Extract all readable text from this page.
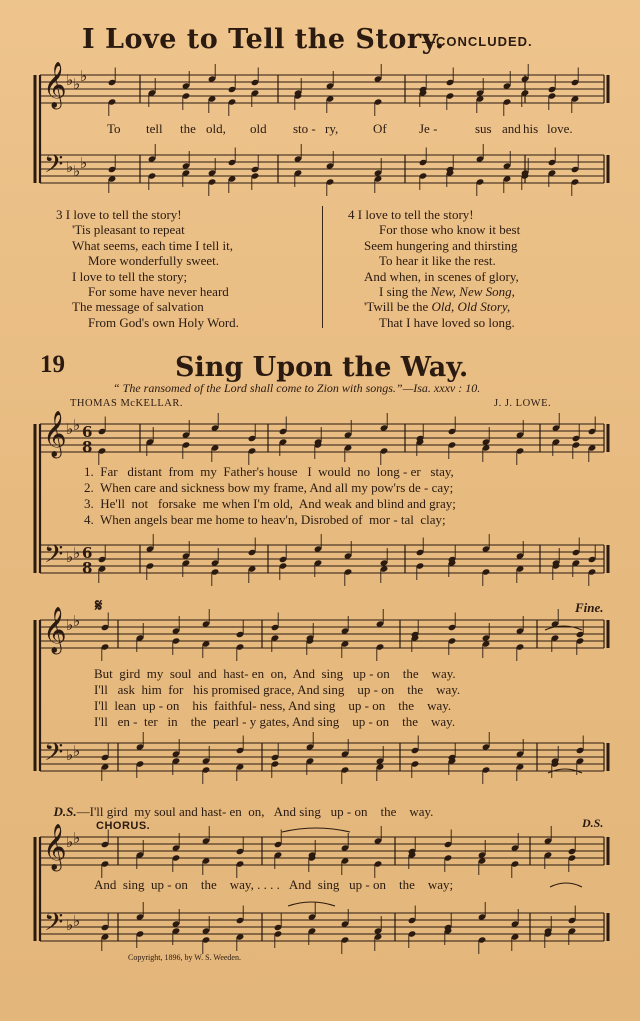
𝄞
𝄢
♭ ♭ ♭
♭ ♭ ♭
𝄞
𝄢
♭ ♭
♭ ♭
6
8
6
8
𝄞
𝄢
♭ ♭
♭ ♭
𝄞
𝄢
♭ ♭
♭ ♭
I Love to Tell the Story.
—CONCLUDED.
To tell the old, old sto - ry,	Of Je -	sus and his love.
3 I love to tell the story!
'Tis pleasant to repeat
What seems, each time I tell it,
More wonderfully sweet.
I love to tell the story;
For some have never heard
The message of salvation
From God's own Holy Word.
4 I love to tell the story!
For those who know it best
Seem hungering and thirsting
To hear it like the rest.
And when, in scenes of glory,
I sing the New, New Song,
'Twill be the Old, Old Story,
That I have loved so long.
19	Sing Upon the Way.
“ The ransomed of the Lord shall come to Zion with songs.”—Isa. xxxv : 10.
THOMAS McKELLAR.	J. J. LOWE.
1.  Far   distant  from  my  Father's house   I  would  no  long - er   stay,
2.  When care and sickness bow my frame, And all my pow'rs de - cay;
3.  He'll  not   forsake  me when I'm old,  And weak and blind and gray;
4.  When angels bear me home to heav'n, Disrobed of  mor - tal  clay;
𝄋	Fine.
But  gird  my  soul  and  hast- en  on,  And  sing   up - on    the    way.
I'll   ask  him  for   his promised grace, And sing    up - on    the    way.
I'll  lean  up - on    his  faithful- ness, And sing    up - on    the    way.
I'll   en -  ter   in    the  pearl - y gates, And sing    up - on    the    way.

D.S.—I'll gird  my soul and hast- en  on,   And sing   up - on    the    way.

CHORUS.	D.S.
And  sing  up - on    the    way, . . . .   And  sing   up - on    the    way;
Copyright, 1896, by W. S. Weeden.
